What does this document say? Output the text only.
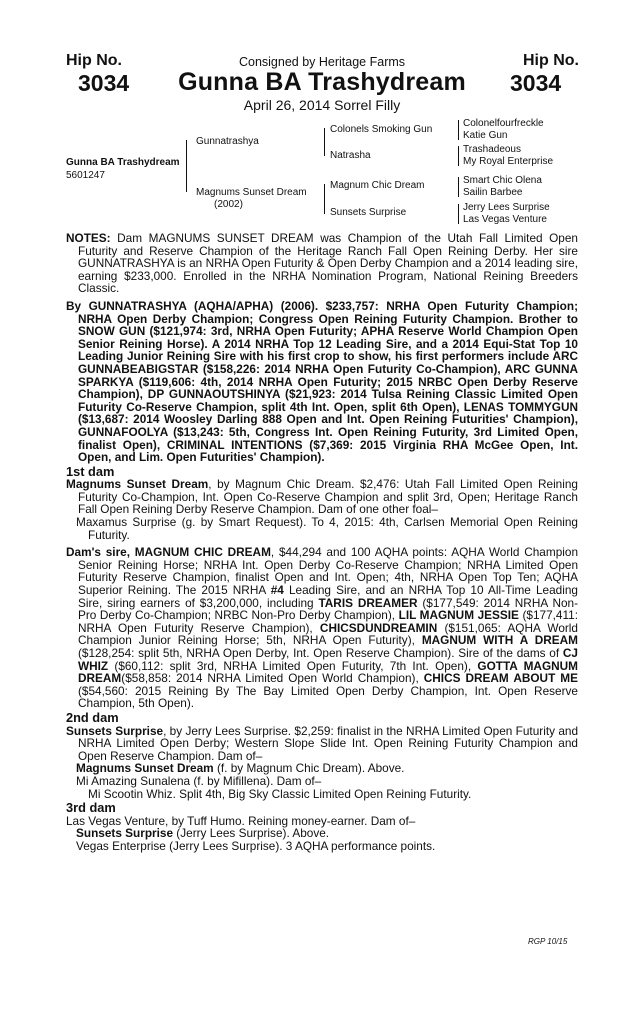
Hip No.
3034
Hip No.
3034
Consigned by Heritage Farms
Gunna BA Trashydream
April 26, 2014 Sorrel Filly
Gunna BA Trashydream
5601247
Gunnatrashya
Magnums Sunset Dream
(2002)
Colonels Smoking Gun
Natrasha
Magnum Chic Dream
Sunsets Surprise
Colonelfourfreckle
Katie Gun
Trashadeous
My Royal Enterprise
Smart Chic Olena
Sailin Barbee
Jerry Lees Surprise
Las Vegas Venture

NOTES: Dam MAGNUMS SUNSET DREAM was Champion of the Utah Fall Limited Open Futurity and Reserve Champion of the Heritage Ranch Fall Open Reining Derby. Her sire GUNNATRASHYA is an NRHA Open Futurity & Open Derby Champion and a 2014 leading sire, earning $233,000. Enrolled in the NRHA Nomination Program, National Reining Breeders Classic.

By GUNNATRASHYA (AQHA/APHA) (2006). $233,757: NRHA Open Futurity Champion; NRHA Open Derby Champion; Congress Open Reining Futurity Champion. Brother to SNOW GUN ($121,974: 3rd, NRHA Open Futurity; APHA Reserve World Champion Open Senior Reining Horse). A 2014 NRHA Top 12 Leading Sire, and a 2014 Equi-Stat Top 10 Leading Junior Reining Sire with his first crop to show, his first performers include ARC GUNNABEABIGSTAR ($158,226: 2014 NRHA Open Futurity Co-Champion), ARC GUNNA SPARKYA ($119,606: 4th, 2014 NRHA Open Futurity; 2015 NRBC Open Derby Reserve Champion), DP GUNNAOUTSHINYA ($21,923: 2014 Tulsa Reining Classic Limited Open Futurity Co-Reserve Champion, split 4th Int. Open, split 6th Open), LENAS TOMMYGUN ($13,687: 2014 Woosley Darling 888 Open and Int. Open Reining Futurities' Champion), GUNNAFOOLYA ($13,243: 5th, Congress Int. Open Reining Futurity, 3rd Limited Open, finalist Open), CRIMINAL INTENTIONS ($7,369: 2015 Virginia RHA McGee Open, Int. Open, and Lim. Open Futurities' Champion).

1st dam

Magnums Sunset Dream, by Magnum Chic Dream. $2,476: Utah Fall Limited Open Reining Futurity Co-Champion, Int. Open Co-Reserve Champion and split 3rd, Open; Heritage Ranch Fall Open Reining Derby Reserve Champion. Dam of one other foal–

Maxamus Surprise (g. by Smart Request). To 4, 2015: 4th, Carlsen Memorial Open Reining Futurity.

Dam's sire, MAGNUM CHIC DREAM, $44,294 and 100 AQHA points: AQHA World Champion Senior Reining Horse; NRHA Int. Open Derby Co-Reserve Champion; NRHA Limited Open Futurity Reserve Champion, finalist Open and Int. Open; 4th, NRHA Open Top Ten; AQHA Superior Reining. The 2015 NRHA #4 Leading Sire, and an NRHA Top 10 All-Time Leading Sire, siring earners of $3,200,000, including TARIS DREAMER ($177,549: 2014 NRHA Non-Pro Derby Co-Champion; NRBC Non-Pro Derby Champion), LIL MAGNUM JESSIE ($177,411: NRHA Open Futurity Reserve Champion), CHICSDUNDREAMIN ($151,065: AQHA World Champion Junior Reining Horse; 5th, NRHA Open Futurity), MAGNUM WITH A DREAM ($128,254: split 5th, NRHA Open Derby, Int. Open Reserve Champion). Sire of the dams of CJ WHIZ ($60,112: split 3rd, NRHA Limited Open Futurity, 7th Int. Open), GOTTA MAGNUM DREAM($58,858: 2014 NRHA Limited Open World Champion), CHICS DREAM ABOUT ME ($54,560: 2015 Reining By The Bay Limited Open Derby Champion, Int. Open Reserve Champion, 5th Open).

2nd dam

Sunsets Surprise, by Jerry Lees Surprise. $2,259: finalist in the NRHA Limited Open Futurity and NRHA Limited Open Derby; Western Slope Slide Int. Open Reining Futurity Champion and Open Reserve Champion. Dam of–

Magnums Sunset Dream (f. by Magnum Chic Dream). Above.

Mi Amazing Sunalena (f. by Mifillena). Dam of–

Mi Scootin Whiz. Split 4th, Big Sky Classic Limited Open Reining Futurity.

3rd dam

Las Vegas Venture, by Tuff Humo. Reining money-earner. Dam of–

Sunsets Surprise (Jerry Lees Surprise). Above.

Vegas Enterprise (Jerry Lees Surprise). 3 AQHA performance points.

RGP 10/15
